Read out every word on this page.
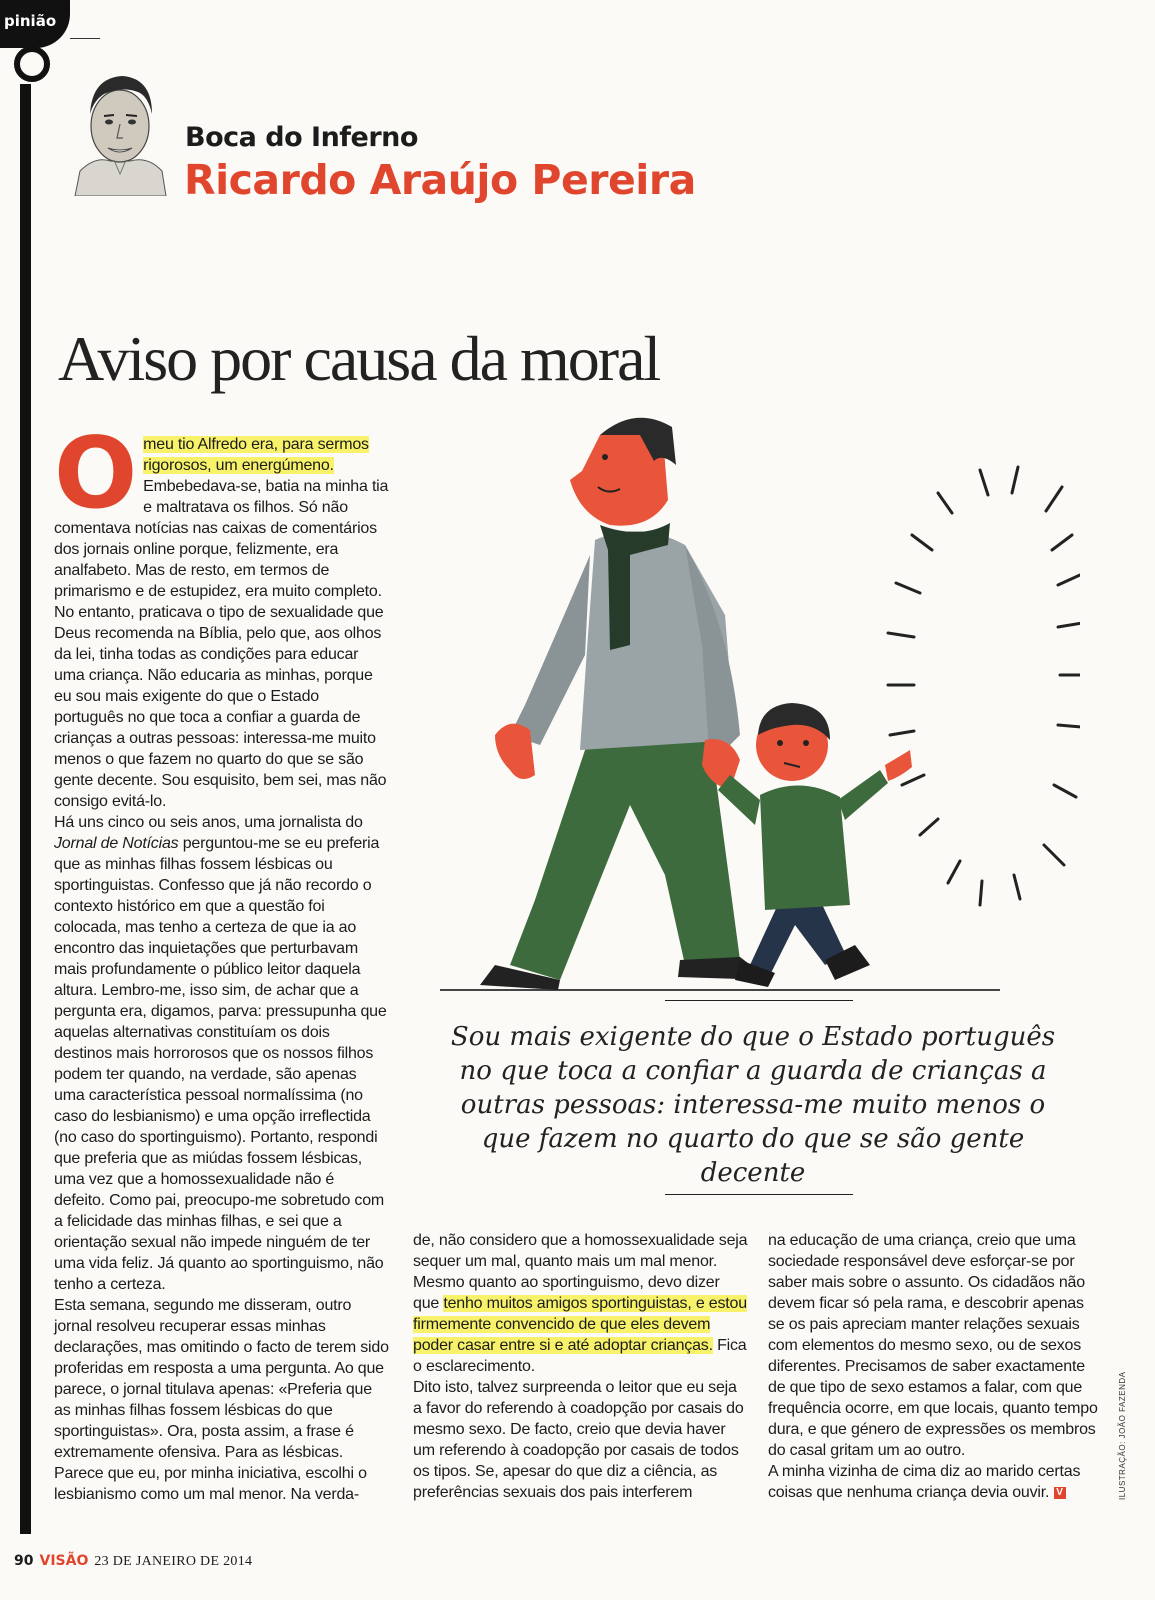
pinião
Boca do Inferno
Ricardo Araújo Pereira
Aviso por causa da moral

Omeu tio Alfredo era, para sermos rigorosos, um energúmeno. Embebedava-se, batia na minha tia e maltratava os filhos. Só não comentava notícias nas caixas de comentários dos jornais online porque, felizmente, era analfabeto. Mas de resto, em termos de primarismo e de estupidez, era muito completo. No entanto, praticava o tipo de sexualidade que Deus recomenda na Bíblia, pelo que, aos olhos da lei, tinha todas as condições para educar uma criança. Não educaria as minhas, porque eu sou mais exigente do que o Estado português no que toca a confiar a guarda de crianças a outras pessoas: interessa-me muito menos o que fazem no quarto do que se são gente decente. Sou esquisito, bem sei, mas não consigo evitá-lo.

Há uns cinco ou seis anos, uma jornalista do Jornal de Notícias perguntou-me se eu preferia que as minhas filhas fossem lésbicas ou sportinguistas. Confesso que já não recordo o contexto histórico em que a questão foi colocada, mas tenho a certeza de que ia ao encontro das inquietações que perturbavam mais profundamente o público leitor daquela altura. Lembro-me, isso sim, de achar que a pergunta era, digamos, parva: pressupunha que aquelas alternativas constituíam os dois destinos mais horrorosos que os nossos filhos podem ter quando, na verdade, são apenas uma característica pessoal normalíssima (no caso do lesbianismo) e uma opção irreflectida (no caso do sportinguismo). Portanto, respondi que preferia que as miúdas fossem lésbicas, uma vez que a homossexualidade não é defeito. Como pai, preocupo-me sobretudo com a felicidade das minhas filhas, e sei que a orientação sexual não impede ninguém de ter uma vida feliz. Já quanto ao sportinguismo, não tenho a certeza.

Esta semana, segundo me disseram, outro jornal resolveu recuperar essas minhas declarações, mas omitindo o facto de terem sido proferidas em resposta a uma pergunta. Ao que parece, o jornal titulava apenas: «Preferia que as minhas filhas fossem lésbicas do que sportinguistas». Ora, posta assim, a frase é extremamente ofensiva. Para as lésbicas. Parece que eu, por minha iniciativa, escolhi o lesbianismo como um mal menor. Na verda-

Sou mais exigente do que o Estado português no que toca a confiar a guarda de crianças a outras pessoas: interessa-me muito menos o que fazem no quarto do que se são gente decente

de, não considero que a homossexualidade seja sequer um mal, quanto mais um mal menor. Mesmo quanto ao sportinguismo, devo dizer que tenho muitos amigos sportinguistas, e estou firmemente convencido de que eles devem poder casar entre si e até adoptar crianças. Fica o esclarecimento.

Dito isto, talvez surpreenda o leitor que eu seja a favor do referendo à coadopção por casais do mesmo sexo. De facto, creio que devia haver um referendo à coadopção por casais de todos os tipos. Se, apesar do que diz a ciência, as preferências sexuais dos pais interferem

na educação de uma criança, creio que uma sociedade responsável deve esforçar-se por saber mais sobre o assunto. Os cidadãos não devem ficar só pela rama, e descobrir apenas se os pais apreciam manter relações sexuais com elementos do mesmo sexo, ou de sexos diferentes. Precisamos de saber exactamente de que tipo de sexo estamos a falar, com que frequência ocorre, em que locais, quanto tempo dura, e que género de expressões os membros do casal gritam um ao outro.

A minha vizinha de cima diz ao marido certas coisas que nenhuma criança devia ouvir. V	ILUSTRAÇÃO: JOÃO FAZENDA
90 VISÃO 23 DE JANEIRO DE 2014
